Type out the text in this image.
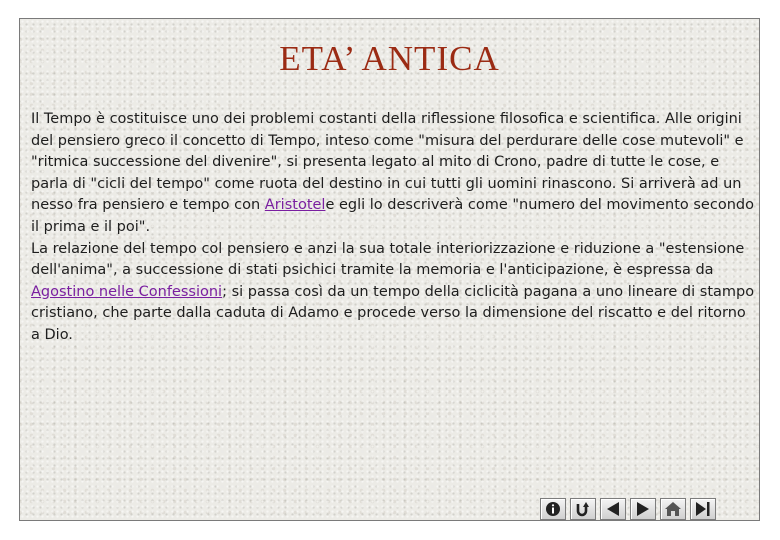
ETA’ ANTICA

Il Tempo è costituisce uno dei problemi costanti della riflessione filosofica e scientifica. Alle origini del pensiero greco il concetto di Tempo, inteso come "misura del perdurare delle cose mutevoli" e "ritmica successione del divenire", si presenta legato al mito di Crono, padre di tutte le cose, e parla di "cicli del tempo" come ruota del destino in cui tutti gli uomini rinascono. Si arriverà ad un nesso fra pensiero e tempo con Aristotele egli lo descriverà come "numero del movimento secondo il prima e il poi".

La relazione del tempo col pensiero e anzi la sua totale interiorizzazione e riduzione a "estensione dell'anima", a successione di stati psichici tramite la memoria e l'anticipazione, è espressa da Agostino nelle Confessioni; si passa così da un tempo della ciclicità pagana a uno lineare di stampo cristiano, che parte dalla caduta di Adamo e procede verso la dimensione del riscatto e del ritorno a Dio.
